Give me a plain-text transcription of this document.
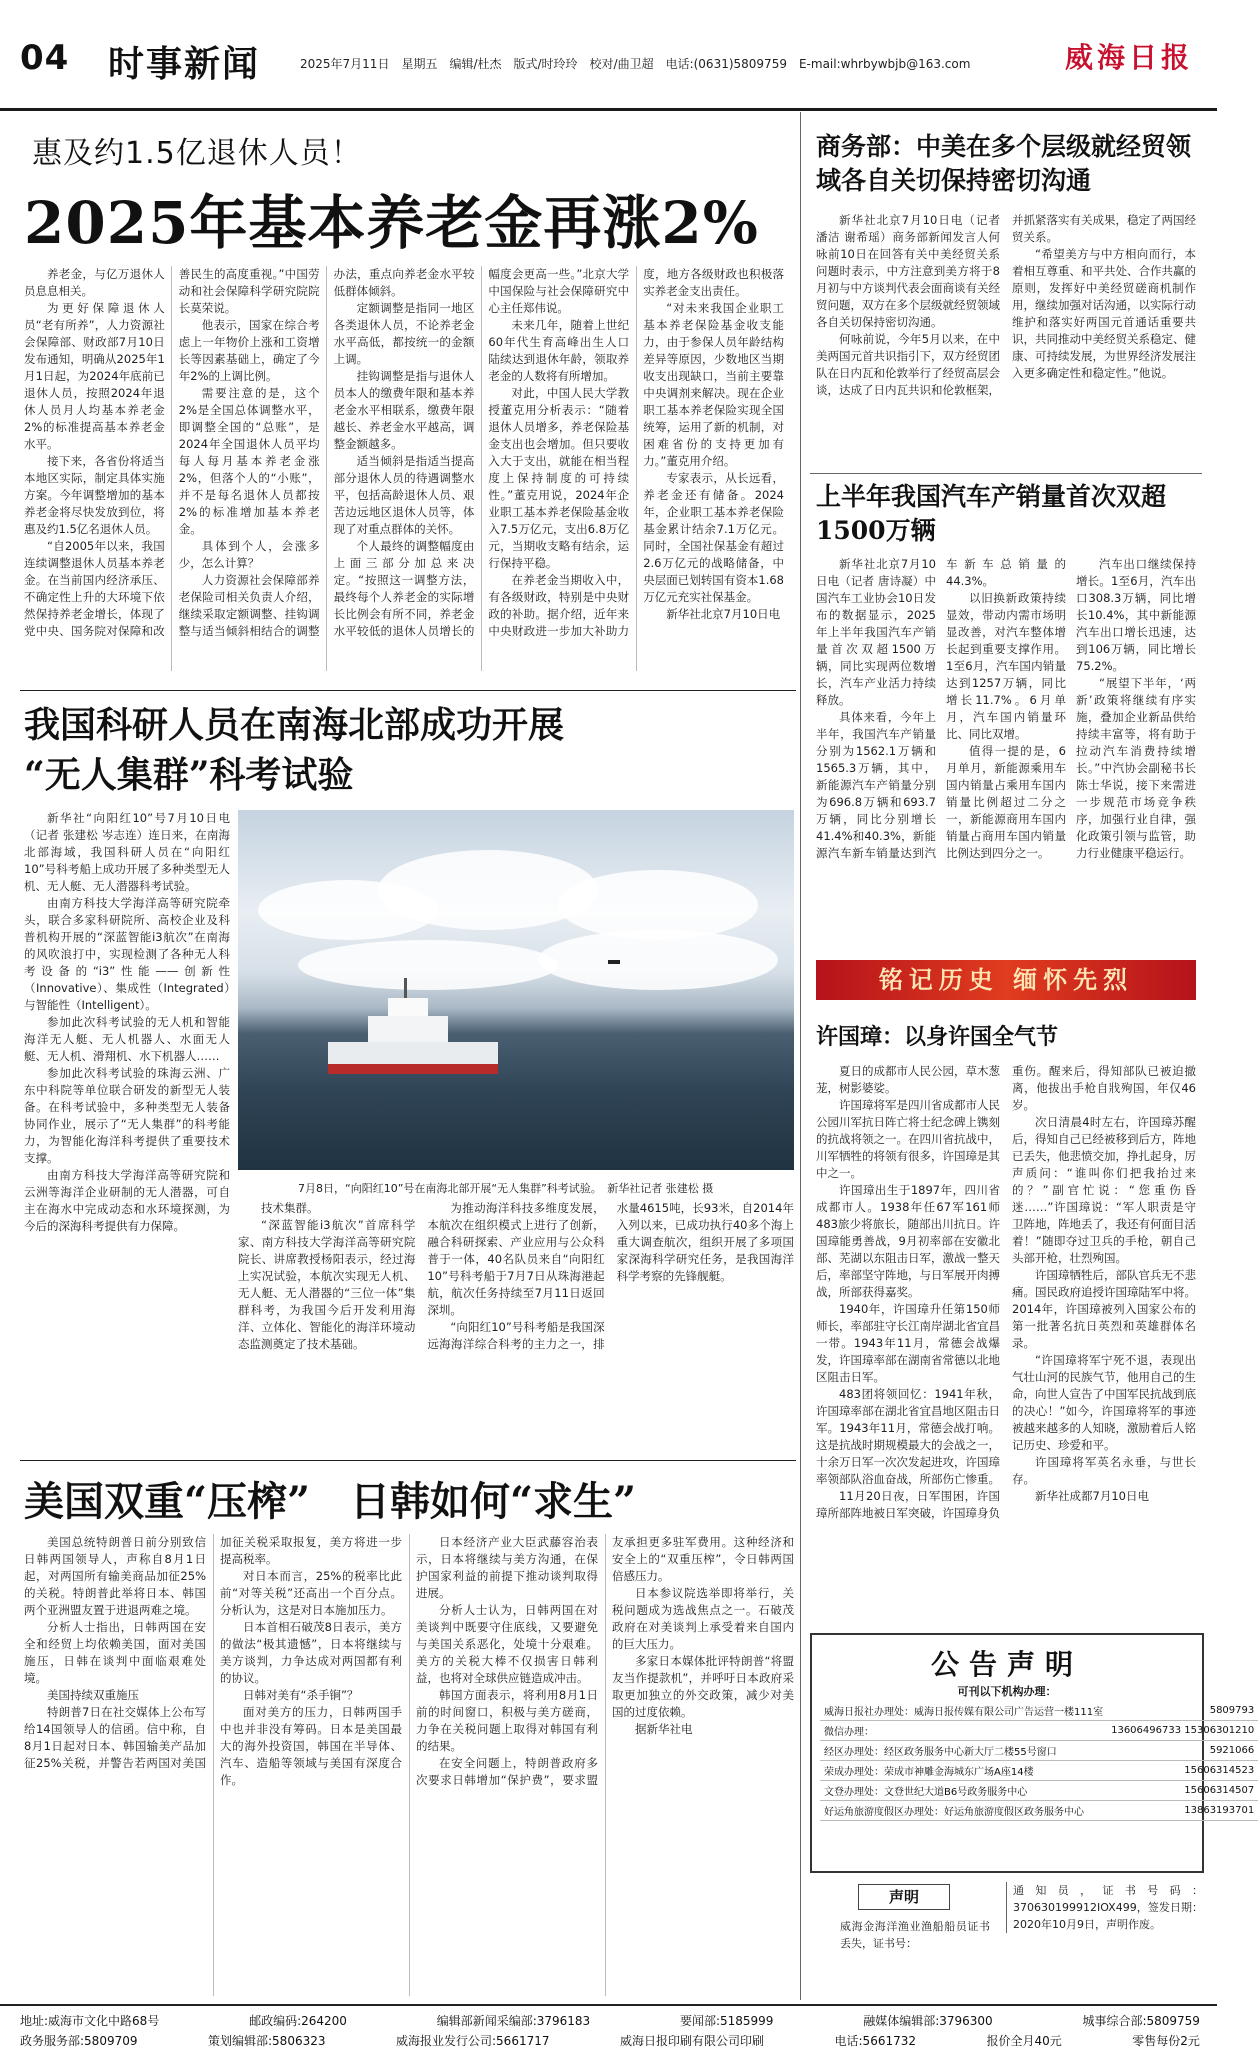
04 时事新闻	2025年7月11日　星期五　编辑/杜杰　版式/时玲玲　校对/曲卫超　电话:(0631)5809759　E-mail:whrbywbjb@163.com	威海日报
惠及约1.5亿退休人员！
2025年基本养老金再涨2%

养老金，与亿万退休人员息息相关。

为更好保障退休人员“老有所养”，人力资源社会保障部、财政部7月10日发布通知，明确从2025年1月1日起，为2024年底前已退休人员，按照2024年退休人员月人均基本养老金2%的标准提高基本养老金水平。

接下来，各省份将适当本地区实际，制定具体实施方案。今年调整增加的基本养老金将尽快发放到位，将惠及约1.5亿名退休人员。

“自2005年以来，我国连续调整退休人员基本养老金。在当前国内经济承压、不确定性上升的大环境下依然保持养老金增长，体现了党中央、国务院对保障和改善民生的高度重视。”中国劳动和社会保障科学研究院院长莫荣说。

他表示，国家在综合考虑上一年物价上涨和工资增长等因素基础上，确定了今年2%的上调比例。

需要注意的是，这个2%是全国总体调整水平，即调整全国的“总账”，是2024年全国退休人员平均每人每月基本养老金涨2%，但落个人的“小账”，并不是每名退休人员都按2%的标准增加基本养老金。

具体到个人，会涨多少，怎么计算？

人力资源社会保障部养老保险司相关负责人介绍，继续采取定额调整、挂钩调整与适当倾斜相结合的调整办法，重点向养老金水平较低群体倾斜。

定额调整是指同一地区各类退休人员，不论养老金水平高低，都按统一的金额上调。

挂钩调整是指与退休人员本人的缴费年限和基本养老金水平相联系，缴费年限越长、养老金水平越高，调整金额越多。

适当倾斜是指适当提高部分退休人员的待遇调整水平，包括高龄退休人员、艰苦边远地区退休人员等，体现了对重点群体的关怀。

个人最终的调整幅度由上面三部分加总来决定。“按照这一调整方法，最终每个人养老金的实际增长比例会有所不同，养老金水平较低的退休人员增长的幅度会更高一些。”北京大学中国保险与社会保障研究中心主任郑伟说。

未来几年，随着上世纪60年代生育高峰出生人口陆续达到退休年龄，领取养老金的人数将有所增加。

对此，中国人民大学教授董克用分析表示：“随着退休人员增多，养老保险基金支出也会增加。但只要收入大于支出，就能在相当程度上保持制度的可持续性。”董克用说，2024年企业职工基本养老保险基金收入7.5万亿元，支出6.8万亿元，当期收支略有结余，运行保持平稳。

在养老金当期收入中，有各级财政，特别是中央财政的补助。据介绍，近年来中央财政进一步加大补助力度，地方各级财政也积极落实养老金支出责任。

“对未来我国企业职工基本养老保险基金收支能力，由于参保人员年龄结构差异等原因，少数地区当期收支出现缺口，当前主要靠中央调剂来解决。现在企业职工基本养老保险实现全国统筹，运用了新的机制，对困难省份的支持更加有力。”董克用介绍。

专家表示，从长远看，养老金还有储备。2024年，企业职工基本养老保险基金累计结余7.1万亿元。同时，全国社保基金有超过2.6万亿元的战略储备，中央层面已划转国有资本1.68万亿元充实社保基金。

新华社北京7月10日电

商务部：中美在多个层级就经贸领域各自关切保持密切沟通

新华社北京7月10日电（记者 潘洁 谢希瑶）商务部新闻发言人何咏前10日在回答有关中美经贸关系问题时表示，中方注意到美方将于8月初与中方谈判代表会面商谈有关经贸问题，双方在多个层级就经贸领域各自关切保持密切沟通。

何咏前说，今年5月以来，在中美两国元首共识指引下，双方经贸团队在日内瓦和伦敦举行了经贸高层会谈，达成了日内瓦共识和伦敦框架，并抓紧落实有关成果，稳定了两国经贸关系。

“希望美方与中方相向而行，本着相互尊重、和平共处、合作共赢的原则，发挥好中美经贸磋商机制作用，继续加强对话沟通，以实际行动维护和落实好两国元首通话重要共识，共同推动中美经贸关系稳定、健康、可持续发展，为世界经济发展注入更多确定性和稳定性。”他说。

上半年我国汽车产销量首次双超1500万辆

新华社北京7月10日电（记者 唐诗凝）中国汽车工业协会10日发布的数据显示，2025年上半年我国汽车产销量首次双超1500万辆，同比实现两位数增长，汽车产业活力持续释放。

具体来看，今年上半年，我国汽车产销量分别为1562.1万辆和1565.3万辆，其中，新能源汽车产销量分别为696.8万辆和693.7万辆，同比分别增长41.4%和40.3%，新能源汽车新车销量达到汽车新车总销量的44.3%。

以旧换新政策持续显效，带动内需市场明显改善，对汽车整体增长起到重要支撑作用。1至6月，汽车国内销量达到1257万辆，同比增长11.7%。6月单月，汽车国内销量环比、同比双增。

值得一提的是，6月单月，新能源乘用车国内销量占乘用车国内销量比例超过二分之一，新能源商用车国内销量占商用车国内销量比例达到四分之一。

汽车出口继续保持增长。1至6月，汽车出口308.3万辆，同比增长10.4%，其中新能源汽车出口增长迅速，达到106万辆，同比增长75.2%。

“展望下半年，‘两新’政策将继续有序实施，叠加企业新品供给持续丰富等，将有助于拉动汽车消费持续增长。”中汽协会副秘书长陈士华说，接下来需进一步规范市场竞争秩序，加强行业自律，强化政策引领与监管，助力行业健康平稳运行。

铭记历史 缅怀先烈
许国璋：以身许国全气节

夏日的成都市人民公园，草木葱茏，树影婆娑。

许国璋将军是四川省成都市人民公园川军抗日阵亡将士纪念碑上镌刻的抗战将领之一。在四川省抗战中，川军牺牲的将领有很多，许国璋是其中之一。

许国璋出生于1897年，四川省成都市人。1938年任67军161师483旅少将旅长，随部出川抗日。许国璋能勇善战，9月初率部在安徽北部、芜湖以东阻击日军，激战一整天后，率部坚守阵地，与日军展开肉搏战，所部获得嘉奖。

1940年，许国璋升任第150师师长，率部驻守长江南岸湖北省宜昌一带。1943年11月，常德会战爆发，许国璋率部在湖南省常德以北地区阻击日军。

483团将领回忆：1941年秋，许国璋率部在湖北省宜昌地区阻击日军。1943年11月，常德会战打响。这是抗战时期规模最大的会战之一，十余万日军一次次发起进攻，许国璋率领部队浴血奋战，所部伤亡惨重。

11月20日夜，日军围困，许国璋所部阵地被日军突破，许国璋身负重伤。醒来后，得知部队已被迫撤离，他拔出手枪自戕殉国，年仅46岁。

次日清晨4时左右，许国璋苏醒后，得知自己已经被移到后方，阵地已丢失，他悲愤交加，挣扎起身，厉声质问：“谁叫你们把我抬过来的？”副官忙说：“您重伤昏迷……”许国璋说：“军人职责是守卫阵地，阵地丢了，我还有何面目活着！”随即夺过卫兵的手枪，朝自己头部开枪，壮烈殉国。

许国璋牺牲后，部队官兵无不悲痛。国民政府追授许国璋陆军中将。2014年，许国璋被列入国家公布的第一批著名抗日英烈和英雄群体名录。

“许国璋将军宁死不退，表现出气壮山河的民族气节，他用自己的生命，向世人宣告了中国军民抗战到底的决心！”如今，许国璋将军的事迹被越来越多的人知晓，激励着后人铭记历史、珍爱和平。

许国璋将军英名永垂，与世长存。

新华社成都7月10日电

公告声明
可刊以下机构办理：
威海日报社办理处：威海日报传媒有限公司广告运营一楼111室	5809793
微信办理：	13606496733 15306301210
经区办理处：经区政务服务中心新大厅二楼55号窗口	5921066
荣成办理处：荣成市神雕金海城东广场A座14楼	15606314523
文登办理处：文登世纪大道B6号政务服务中心	15606314507
好运角旅游度假区办理处：好运角旅游度假区政务服务中心	13863193701
声明
威海金海洋渔业渔船船员证书丢失，证书号：
通知员，证书号码：370630199912IOX499，签发日期：2020年10月9日，声明作废。
我国科研人员在南海北部成功开展
“无人集群”科考试验

新华社“向阳红10”号7月10日电（记者 张建松 岑志连）连日来，在南海北部海域，我国科研人员在“向阳红10”号科考船上成功开展了多种类型无人机、无人艇、无人潜器科考试验。

由南方科技大学海洋高等研究院牵头，联合多家科研院所、高校企业及科普机构开展的“深蓝智能i3航次”在南海的风吹浪打中，实现检测了各种无人科考设备的“i3”性能——创新性（Innovative）、集成性（Integrated）与智能性（Intelligent）。

参加此次科考试验的无人机和智能海洋无人艇、无人机器人、水面无人艇、无人机、滑翔机、水下机器人……

参加此次科考试验的珠海云洲、广东中科院等单位联合研发的新型无人装备。在科考试验中，多种类型无人装备协同作业，展示了“无人集群”的科考能力，为智能化海洋科考提供了重要技术支撑。

由南方科技大学海洋高等研究院和云洲等海洋企业研制的无人潜器，可自主在海水中完成动态和水环境探测，为今后的深海科考提供有力保障。

7月8日，“向阳红10”号在南海北部开展“无人集群”科考试验。　新华社记者 张建松 摄

技术集群。

“深蓝智能i3航次”首席科学家、南方科技大学海洋高等研究院院长、讲席教授杨阳表示，经过海上实况试验，本航次实现无人机、无人艇、无人潜器的“三位一体”集群科考，为我国今后开发利用海洋、立体化、智能化的海洋环境动态监测奠定了技术基础。

为推动海洋科技多维度发展，本航次在组织模式上进行了创新，融合科研探索、产业应用与公众科普于一体，40名队员来自“向阳红10”号科考船于7月7日从珠海港起航，航次任务持续至7月11日返回深圳。

“向阳红10”号科考船是我国深远海海洋综合科考的主力之一，排水量4615吨，长93米，自2014年入列以来，已成功执行40多个海上重大调查航次，组织开展了多项国家深海科学研究任务，是我国海洋科学考察的先锋舰艇。

美国双重“压榨”　日韩如何“求生”

美国总统特朗普日前分别致信日韩两国领导人，声称自8月1日起，对两国所有输美商品加征25%的关税。特朗普此举将日本、韩国两个亚洲盟友置于进退两难之境。

分析人士指出，日韩两国在安全和经贸上均依赖美国，面对美国施压，日韩在谈判中面临艰难处境。

美国持续双重施压

特朗普7日在社交媒体上公布写给14国领导人的信函。信中称，自8月1日起对日本、韩国输美产品加征25%关税，并警告若两国对美国加征关税采取报复，美方将进一步提高税率。

对日本而言，25%的税率比此前“对等关税”还高出一个百分点。分析认为，这是对日本施加压力。

日本首相石破茂8日表示，美方的做法“极其遗憾”，日本将继续与美方谈判，力争达成对两国都有利的协议。

日韩对美有“杀手锏”？

面对美方的压力，日韩两国手中也并非没有筹码。日本是美国最大的海外投资国，韩国在半导体、汽车、造船等领域与美国有深度合作。

日本经济产业大臣武藤容治表示，日本将继续与美方沟通，在保护国家利益的前提下推动谈判取得进展。

分析人士认为，日韩两国在对美谈判中既要守住底线，又要避免与美国关系恶化，处境十分艰难。美方的关税大棒不仅损害日韩利益，也将对全球供应链造成冲击。

韩国方面表示，将利用8月1日前的时间窗口，积极与美方磋商，力争在关税问题上取得对韩国有利的结果。

在安全问题上，特朗普政府多次要求日韩增加“保护费”，要求盟友承担更多驻军费用。这种经济和安全上的“双重压榨”，令日韩两国倍感压力。

日本参议院选举即将举行，关税问题成为选战焦点之一。石破茂政府在对美谈判上承受着来自国内的巨大压力。

多家日本媒体批评特朗普“将盟友当作提款机”，并呼吁日本政府采取更加独立的外交政策，减少对美国的过度依赖。

据新华社电

地址:威海市文化中路68号	邮政编码:264200	编辑部新闻采编部:3796183	要闻部:5185999	融媒体编辑部:3796300	城事综合部:5809759
政务服务部:5809709	策划编辑部:5806323	威海报业发行公司:5661717	威海日报印刷有限公司印刷	电话:5661732	报价全月40元	零售每份2元
